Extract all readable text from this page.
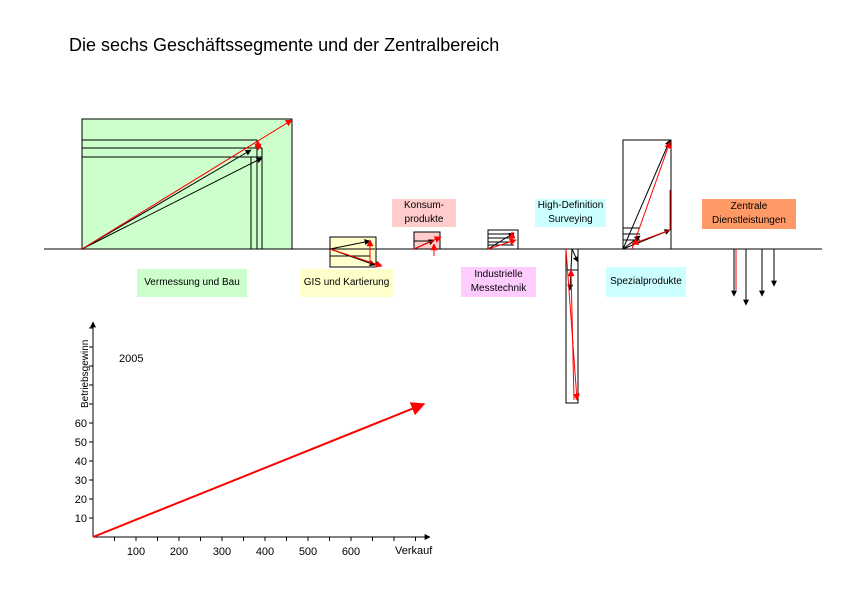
Die sechs Geschäftssegmente und der Zentralbereich
10
20
30
40
50
60
100 200 300 400 500 600
Vermessung und Bau	GIS und Kartierung
Konsum-
produkte
Industrielle
Messtechnik
High-Definition
Surveying
Spezialprodukte
Zentrale
Dienstleistungen
2005
Betriebsgewinn
Verkauf
